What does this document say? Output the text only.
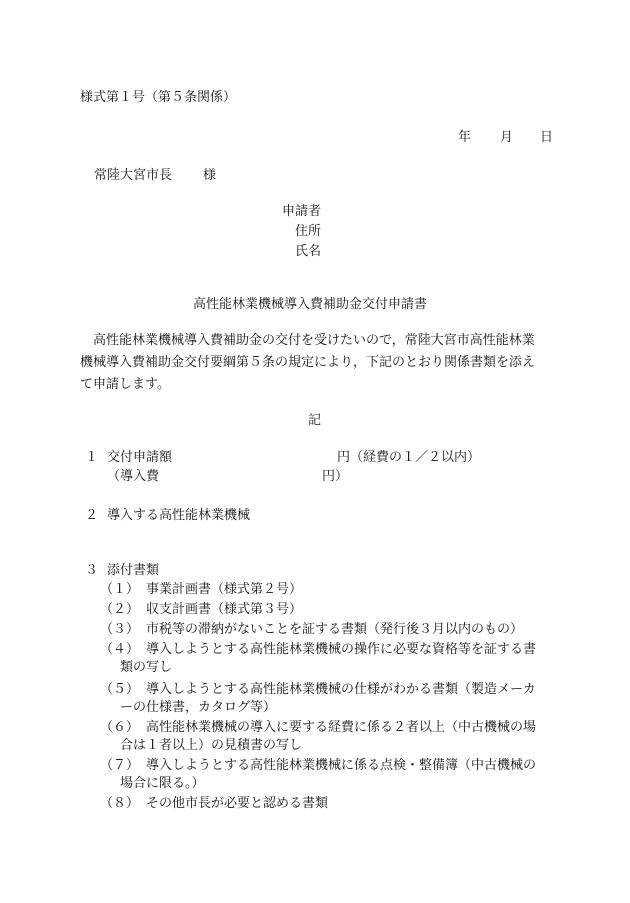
様式第１号（第５条関係）
年 月 日
常陸大宮市長 様
申請者
住所
氏名
高性能林業機械導入費補助金交付申請書
高性能林業機械導入費補助金の交付を受けたいので，常陸大宮市高性能林業
機械導入費補助金交付要綱第５条の規定により，下記のとおり関係書類を添え
て申請します。
記
１ 交付申請額	円（経費の１／２以内）
（導入費	円）
２ 導入する高性能林業機械
３ 添付書類
（１） 事業計画書（様式第２号）
（２） 収支計画書（様式第３号）
（３） 市税等の滞納がないことを証する書類（発行後３月以内のもの）
（４） 導入しようとする高性能林業機械の操作に必要な資格等を証する書
類の写し
（５） 導入しようとする高性能林業機械の仕様がわかる書類（製造メーカ
ーの仕様書，カタログ等）
（６） 高性能林業機械の導入に要する経費に係る２者以上（中古機械の場
合は１者以上）の見積書の写し
（７） 導入しようとする高性能林業機械に係る点検・整備簿（中古機械の
場合に限る。）
（８） その他市長が必要と認める書類
